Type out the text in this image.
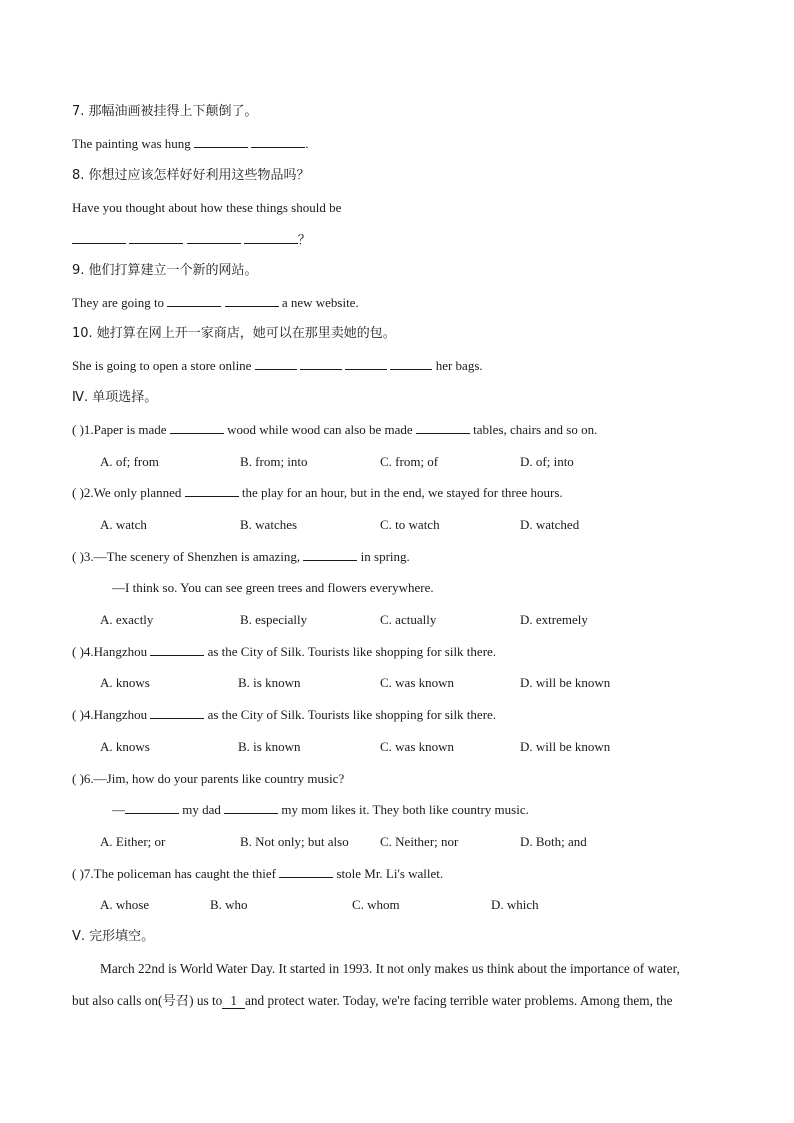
7. 那幅油画被挂得上下颠倒了。
The painting was hung	.
8. 你想过应该怎样好好利用这些物品吗？
Have you thought about how these things should be
？
9. 他们打算建立一个新的网站。
They are going to	a new website.
10. 她打算在网上开一家商店，她可以在那里卖她的包。
She is going to open a store online	her bags.
Ⅳ. 单项选择。
( )1.Paper is made	wood while wood can also be made	tables, chairs and so on.
A. of; from	B. from; into	C. from; of	D. of; into
( )2.We only planned	the play for an hour, but in the end, we stayed for three hours.
A. watch	B. watches	C. to watch	D. watched
( )3.—The scenery of Shenzhen is amazing,	in spring.
—I think so. You can see green trees and flowers everywhere.
A. exactly	B. especially	C. actually	D. extremely
( )4.Hangzhou	as the City of Silk. Tourists like shopping for silk there.
A. knows	B. is known	C. was known	D. will be known
( )4.Hangzhou	as the City of Silk. Tourists like shopping for silk there.
A. knows	B. is known	C. was known	D. will be known
( )6.—Jim, how do your parents like country music?
—	my dad	my mom likes it. They both like country music.
A. Either; or	B. Not only; but also C. Neither; nor	D. Both; and
( )7.The policeman has caught the thief	stole Mr. Li's wallet.
A. whose	B. who	C. whom	D. which
Ⅴ. 完形填空。
March 22nd is World Water Day. It started in 1993. It not only makes us think about the importance of water,
but also calls on(号召) us to 1 and protect water. Today, we're facing terrible water problems. Among them, the
